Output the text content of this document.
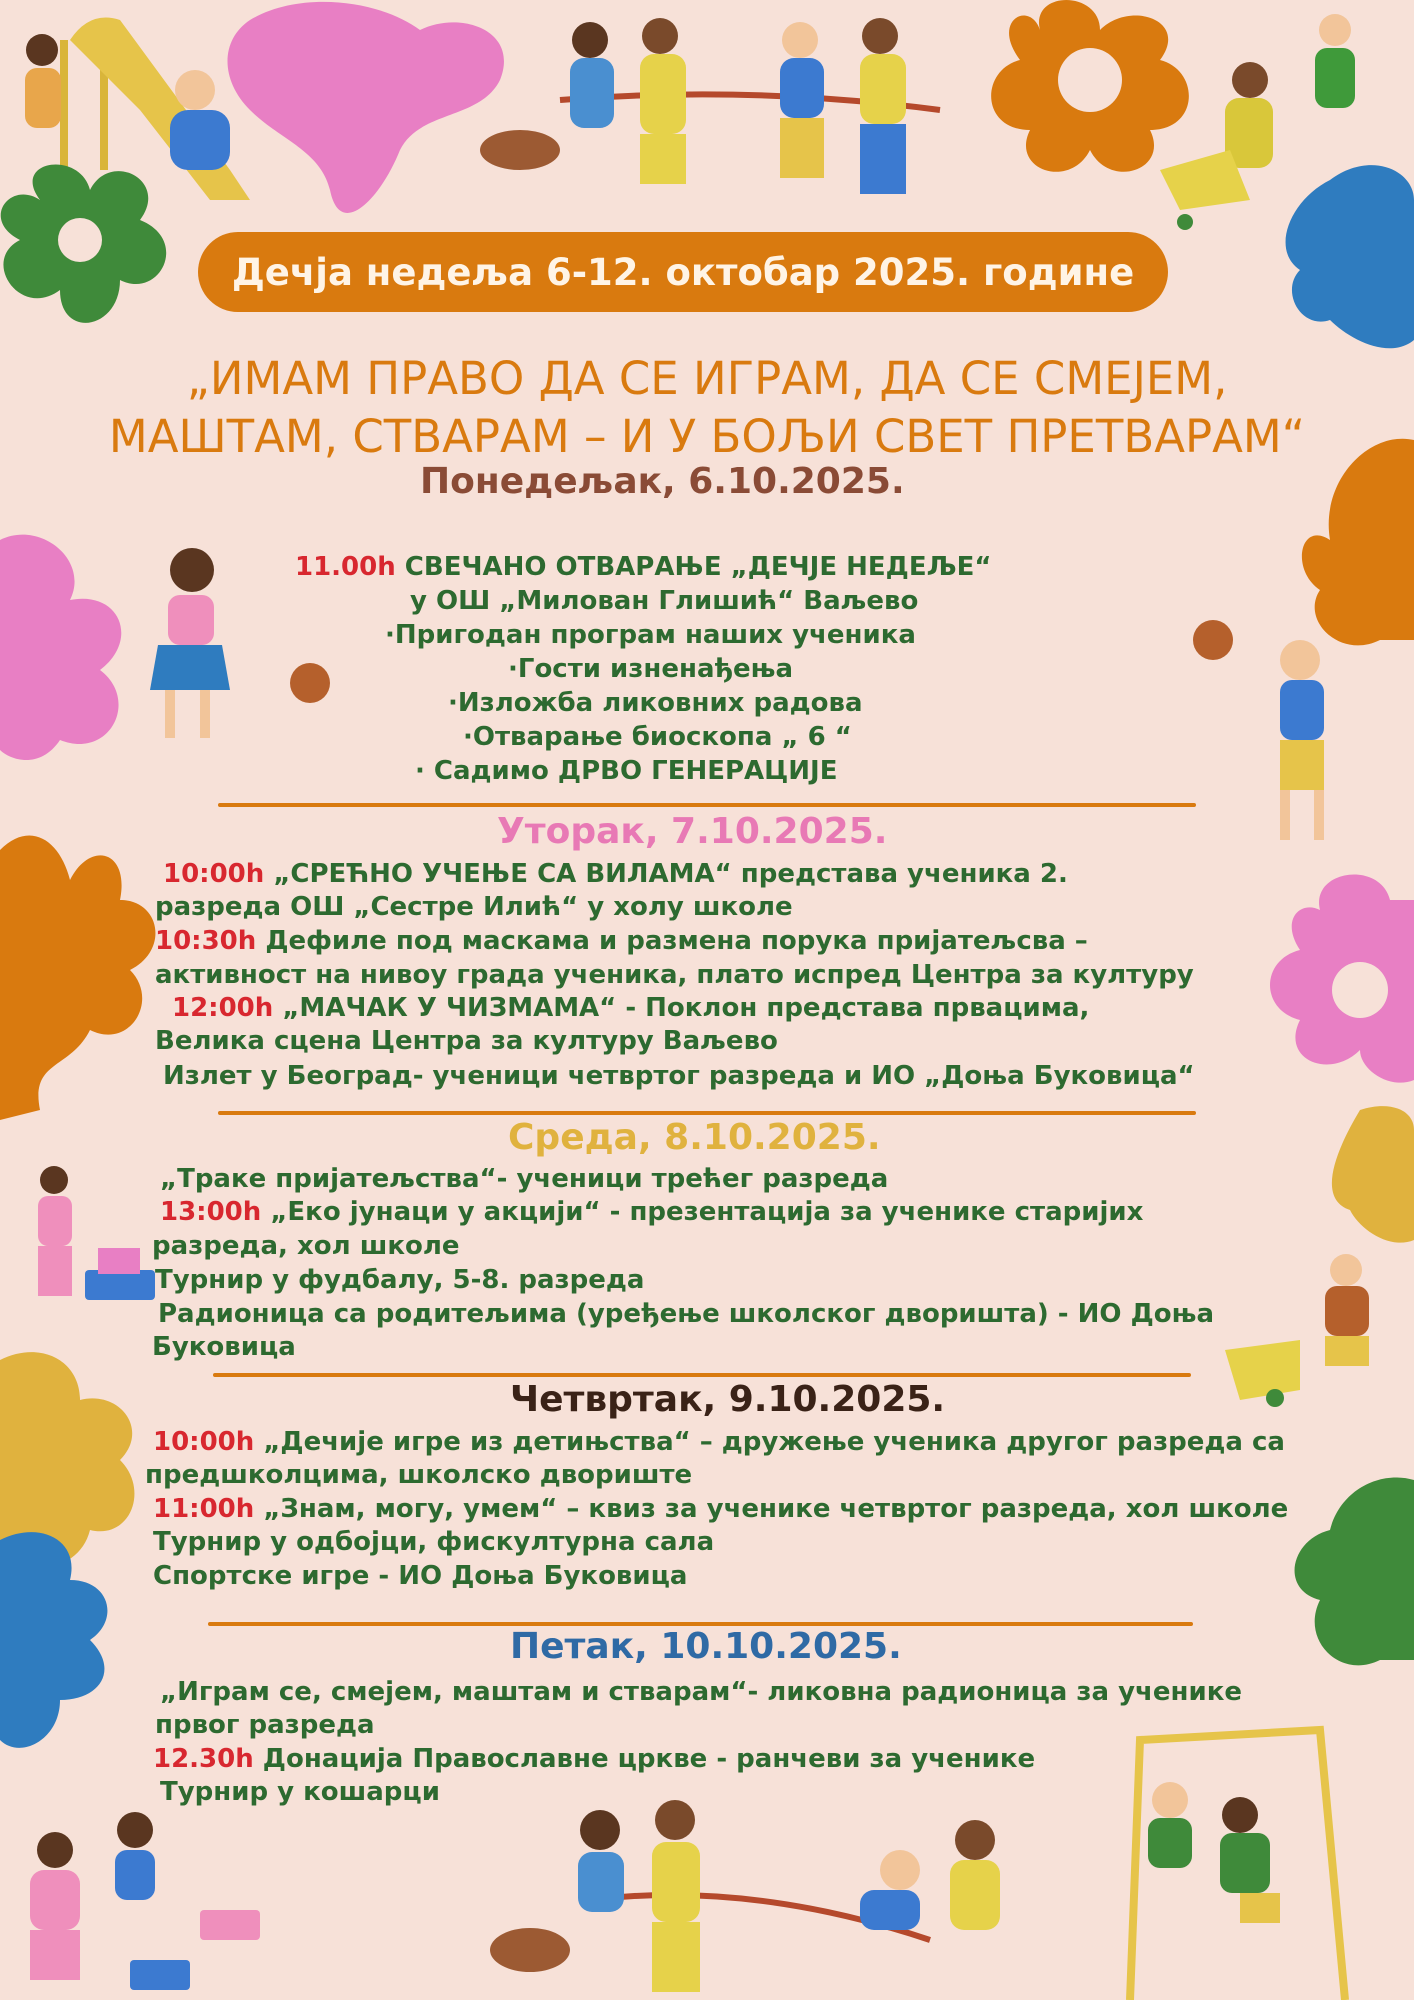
Дечја недеља 6-12. октобар 2025. године
„ИМАМ ПРАВО ДА СЕ ИГРАМ, ДА СЕ СМЕЈЕМ,
МАШТАМ, СТВАРАМ – И У БОЉИ СВЕТ ПРЕТВАРАМ“
Понедељак, 6.10.2025.
11.00h СВЕЧАНО ОТВАРАЊЕ „ДЕЧЈЕ НЕДЕЉЕ“
у ОШ „Милован Глишић“ Ваљево
·Пригодан програм наших ученика
·Гости изненађења
·Изложба ликовних радова
·Отварање биоскопа „ 6 “
· Садимо ДРВО ГЕНЕРАЦИЈЕ
Уторак, 7.10.2025.
10:00h „СРЕЋНО УЧЕЊЕ СА ВИЛАМА“ представа ученика 2.
разреда ОШ „Сестре Илић“ у холу школе
10:30h Дефиле под маскама и размена порука пријатељсва –
активност на нивоу града ученика, плато испред Центра за културу
12:00h „МАЧАК У ЧИЗМАМА“ - Поклон представа првацима,
Велика сцена Центра за културу Ваљево
Излет у Београд- ученици четвртог разреда и ИО „Доња Буковица“
Среда, 8.10.2025.
„Траке пријатељства“- ученици трећег разреда
13:00h „Еко јунаци у акцији“ - презентација за ученике старијих
разреда, хол школе
Турнир у фудбалу, 5-8. разреда
Радионица са родитељима (уређење школског дворишта) - ИО Доња
Буковица
Четвртак, 9.10.2025.
10:00h „Дечије игре из детињства“ – дружење ученика другог разреда са
предшколцима, школско двориште
11:00h „Знам, могу, умем“ – квиз за ученике четвртог разреда, хол школе
Турнир у одбојци, фискултурна сала
Спортске игре - ИО Доња Буковица
Петак, 10.10.2025.
„Играм се, смејем, маштам и стварам“- ликовна радионица за ученике
првог разреда
12.30h Донација Православне цркве - ранчеви за ученике
Турнир у кошарци
